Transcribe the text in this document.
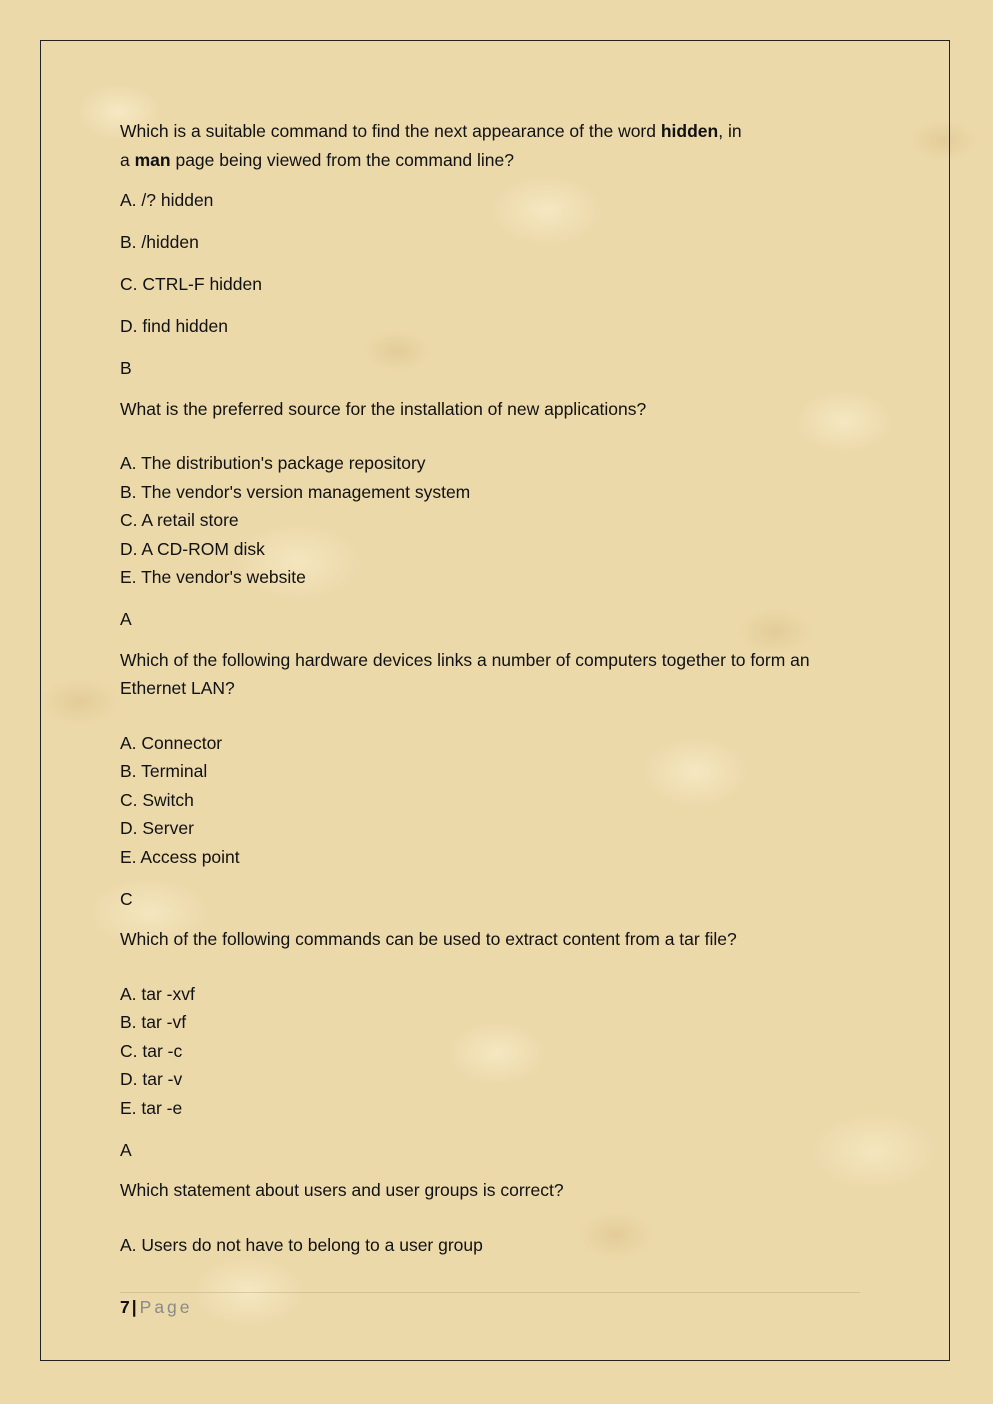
Which is a suitable command to find the next appearance of the word hidden, in
a man page being viewed from the command line?

A. /? hidden

B. /hidden

C. CTRL-F hidden

D. find hidden

B

What is the preferred source for the installation of new applications?

A. The distribution's package repository

B. The vendor's version management system

C. A retail store

D. A CD-ROM disk

E. The vendor's website

A

Which of the following hardware devices links a number of computers together to form an Ethernet LAN?

A. Connector

B. Terminal

C. Switch

D. Server

E. Access point

C

Which of the following commands can be used to extract content from a tar file?

A. tar -xvf

B. tar -vf

C. tar -c

D. tar -v

E. tar -e

A

Which statement about users and user groups is correct?

A. Users do not have to belong to a user group

7 | Page
